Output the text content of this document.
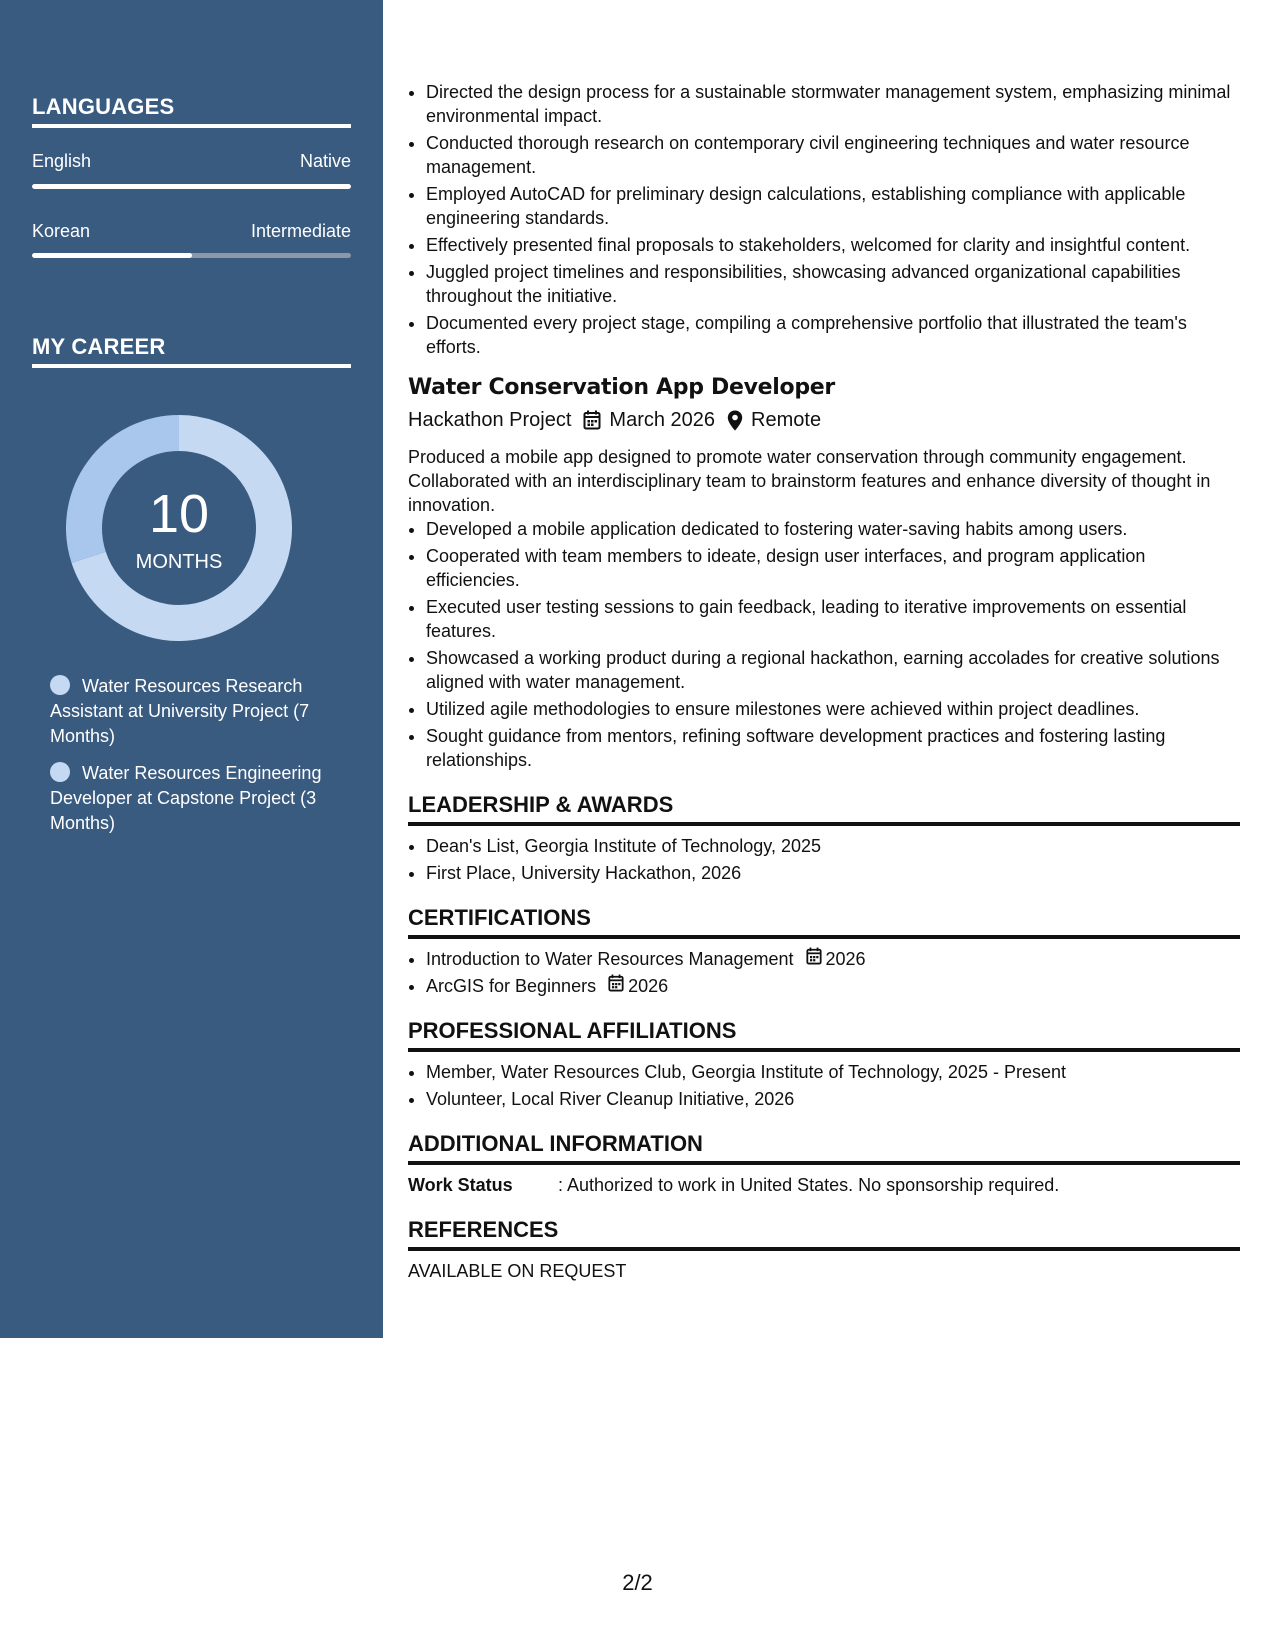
LANGUAGES
English	Native
Korean	Intermediate
MY CAREER
10
MONTHS
Water Resources Research Assistant at University Project (7 Months)
Water Resources Engineering Developer at Capstone Project (3 Months)
• Directed the design process for a sustainable stormwater management system, emphasizing minimal environmental impact.
• Conducted thorough research on contemporary civil engineering techniques and water resource management.
• Employed AutoCAD for preliminary design calculations, establishing compliance with applicable engineering standards.
• Effectively presented final proposals to stakeholders, welcomed for clarity and insightful content.
• Juggled project timelines and responsibilities, showcasing advanced organizational capabilities throughout the initiative.
• Documented every project stage, compiling a comprehensive portfolio that illustrated the team's efforts.
Water Conservation App Developer
Hackathon Project March 2026 Remote
Produced a mobile app designed to promote water conservation through community engagement. Collaborated with an interdisciplinary team to brainstorm features and enhance diversity of thought in innovation.
• Developed a mobile application dedicated to fostering water-saving habits among users.
• Cooperated with team members to ideate, design user interfaces, and program application efficiencies.
• Executed user testing sessions to gain feedback, leading to iterative improvements on essential features.
• Showcased a working product during a regional hackathon, earning accolades for creative solutions aligned with water management.
• Utilized agile methodologies to ensure milestones were achieved within project deadlines.
• Sought guidance from mentors, refining software development practices and fostering lasting relationships.
LEADERSHIP & AWARDS
• Dean's List, Georgia Institute of Technology, 2025
• First Place, University Hackathon, 2026
CERTIFICATIONS
• Introduction to Water Resources Management 2026
• ArcGIS for Beginners 2026
PROFESSIONAL AFFILIATIONS
• Member, Water Resources Club, Georgia Institute of Technology, 2025 - Present
• Volunteer, Local River Cleanup Initiative, 2026
ADDITIONAL INFORMATION
Work Status	: Authorized to work in United States. No sponsorship required.
REFERENCES
AVAILABLE ON REQUEST
2/2
